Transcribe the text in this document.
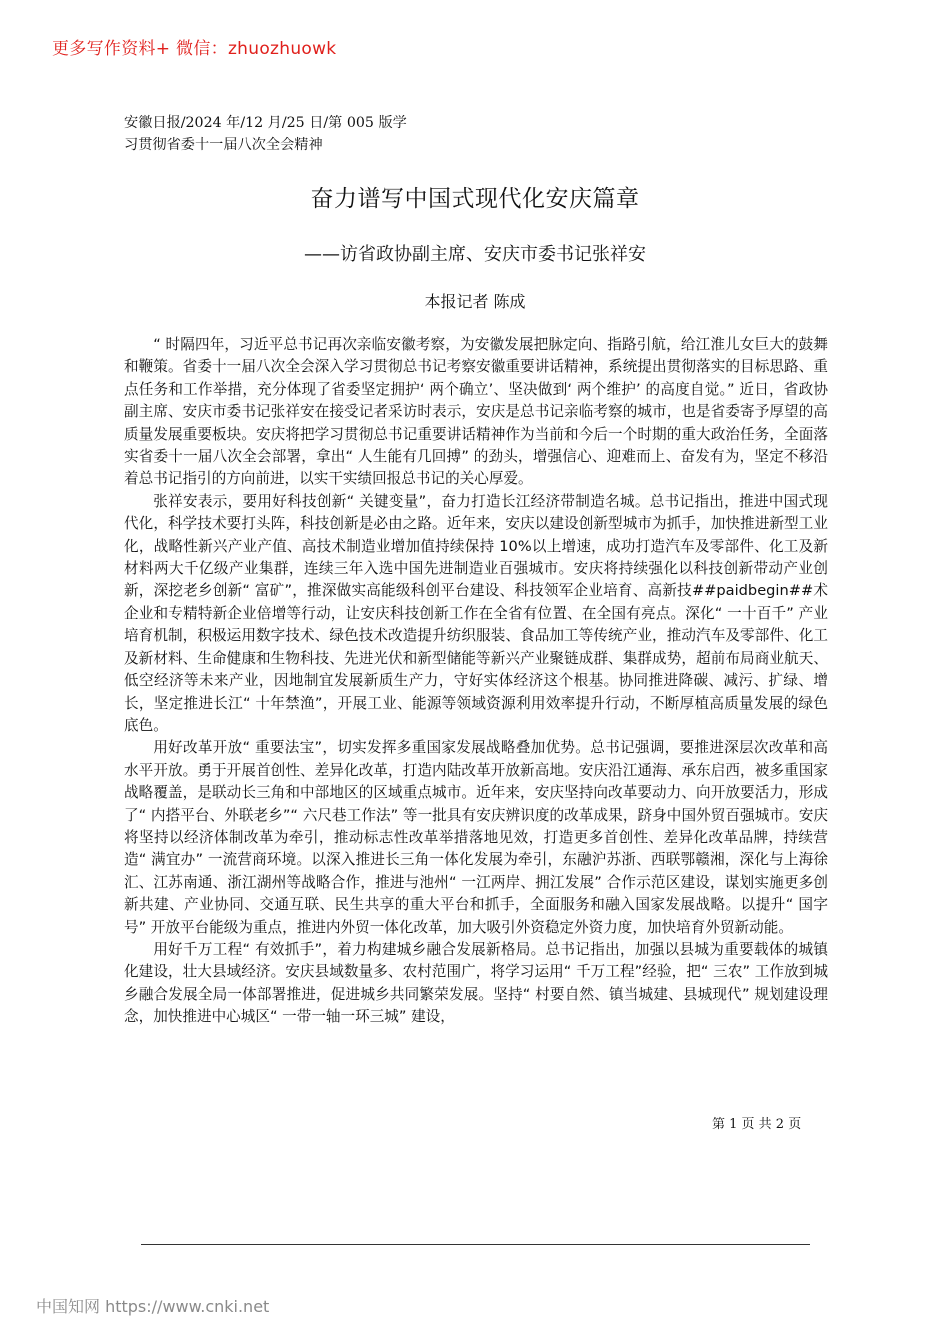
更多写作资料+ 微信：zhuozhuowk
安徽日报/2024 年/12 月/25 日/第 005 版学习贯彻省委十一届八次全会精神
奋力谱写中国式现代化安庆篇章
——访省政协副主席、安庆市委书记张祥安
本报记者 陈成

“ 时隔四年，习近平总书记再次亲临安徽考察，为安徽发展把脉定向、指路引航，给江淮儿女巨大的鼓舞和鞭策。省委十一届八次全会深入学习贯彻总书记考察安徽重要讲话精神，系统提出贯彻落实的目标思路、重点任务和工作举措，充分体现了省委坚定拥护‘ 两个确立’、坚决做到‘ 两个维护’ 的高度自觉。” 近日，省政协副主席、安庆市委书记张祥安在接受记者采访时表示，安庆是总书记亲临考察的城市，也是省委寄予厚望的高质量发展重要板块。安庆将把学习贯彻总书记重要讲话精神作为当前和今后一个时期的重大政治任务，全面落实省委十一届八次全会部署，拿出“ 人生能有几回搏” 的劲头，增强信心、迎难而上、奋发有为，坚定不移沿着总书记指引的方向前进，以实干实绩回报总书记的关心厚爱。

张祥安表示，要用好科技创新“ 关键变量”，奋力打造长江经济带制造名城。总书记指出，推进中国式现代化，科学技术要打头阵，科技创新是必由之路。近年来，安庆以建设创新型城市为抓手，加快推进新型工业化，战略性新兴产业产值、高技术制造业增加值持续保持 10%以上增速，成功打造汽车及零部件、化工及新材料两大千亿级产业集群，连续三年入选中国先进制造业百强城市。安庆将持续强化以科技创新带动产业创新，深挖老乡创新“ 富矿”，推深做实高能级科创平台建设、科技领军企业培育、高新技##paidbegin##术企业和专精特新企业倍增等行动，让安庆科技创新工作在全省有位置、在全国有亮点。深化“ 一十百千” 产业培育机制，积极运用数字技术、绿色技术改造提升纺织服装、食品加工等传统产业，推动汽车及零部件、化工及新材料、生命健康和生物科技、先进光伏和新型储能等新兴产业聚链成群、集群成势，超前布局商业航天、低空经济等未来产业，因地制宜发展新质生产力，守好实体经济这个根基。协同推进降碳、减污、扩绿、增长，坚定推进长江“ 十年禁渔”，开展工业、能源等领域资源利用效率提升行动，不断厚植高质量发展的绿色底色。

用好改革开放“ 重要法宝”，切实发挥多重国家发展战略叠加优势。总书记强调，要推进深层次改革和高水平开放。勇于开展首创性、差异化改革，打造内陆改革开放新高地。安庆沿江通海、承东启西，被多重国家战略覆盖，是联动长三角和中部地区的区域重点城市。近年来，安庆坚持向改革要动力、向开放要活力，形成了“ 内搭平台、外联老乡”“ 六尺巷工作法” 等一批具有安庆辨识度的改革成果，跻身中国外贸百强城市。安庆将坚持以经济体制改革为牵引，推动标志性改革举措落地见效，打造更多首创性、差异化改革品牌，持续营造“ 满宜办” 一流营商环境。以深入推进长三角一体化发展为牵引，东融沪苏浙、西联鄂赣湘，深化与上海徐汇、江苏南通、浙江湖州等战略合作，推进与池州“ 一江两岸、拥江发展” 合作示范区建设，谋划实施更多创新共建、产业协同、交通互联、民生共享的重大平台和抓手，全面服务和融入国家发展战略。以提升“ 国字号” 开放平台能级为重点，推进内外贸一体化改革，加大吸引外资稳定外资力度，加快培育外贸新动能。

用好千万工程“ 有效抓手”，着力构建城乡融合发展新格局。总书记指出，加强以县城为重要载体的城镇化建设，壮大县域经济。安庆县域数量多、农村范围广，将学习运用“ 千万工程”经验，把“ 三农” 工作放到城乡融合发展全局一体部署推进，促进城乡共同繁荣发展。坚持“ 村要自然、镇当城建、县城现代” 规划建设理念，加快推进中心城区“ 一带一轴一环三城” 建设，

第 1 页 共 2 页
中国知网 https://www.cnki.net
